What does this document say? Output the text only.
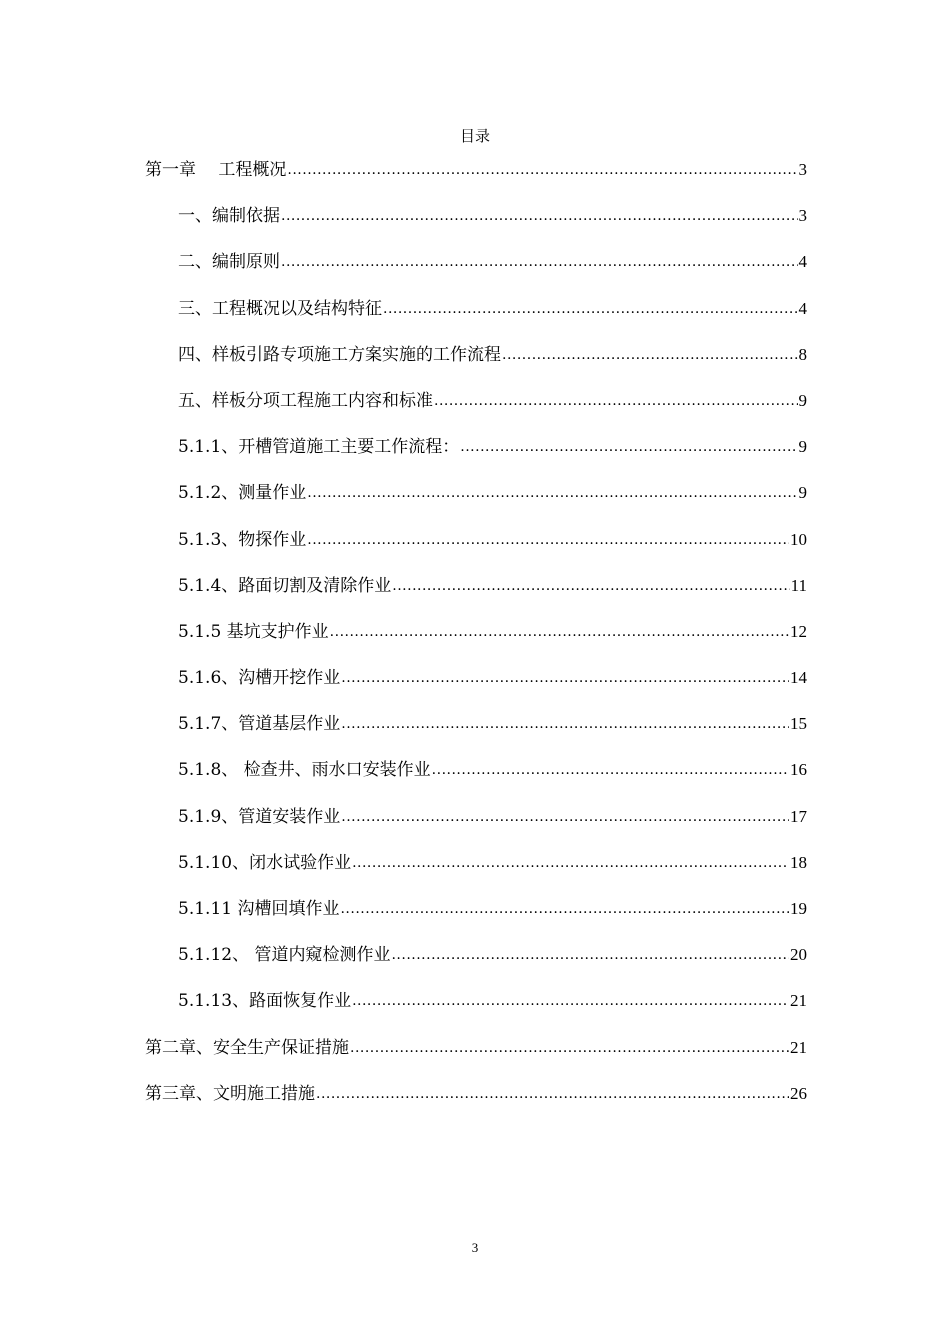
目录
第一章　 工程概况 .....	3
一、编制依据 .....	3
二、编制原则 .....	4
三、工程概况以及结构特征 .....	4
四、样板引路专项施工方案实施的工作流程 .....	8
五、样板分项工程施工内容和标准 .....	9
5.1.1、开槽管道施工主要工作流程： .....	9
5.1.2、测量作业 .....	9
5.1.3、物探作业 .....	10
5.1.4、路面切割及清除作业 .....	11
5.1.5 基坑支护作业 .....	12
5.1.6、沟槽开挖作业 .....	14
5.1.7、管道基层作业 .....	15
5.1.8、 检查井、雨水口安装作业 .....	16
5.1.9、管道安装作业 .....	17
5.1.10、闭水试验作业 .....	18
5.1.11 沟槽回填作业 .....	19
5.1.12、 管道内窥检测作业 .....	20
5.1.13、路面恢复作业 .....	21
第二章、安全生产保证措施 .....	21
第三章、文明施工措施 .....	26
3
